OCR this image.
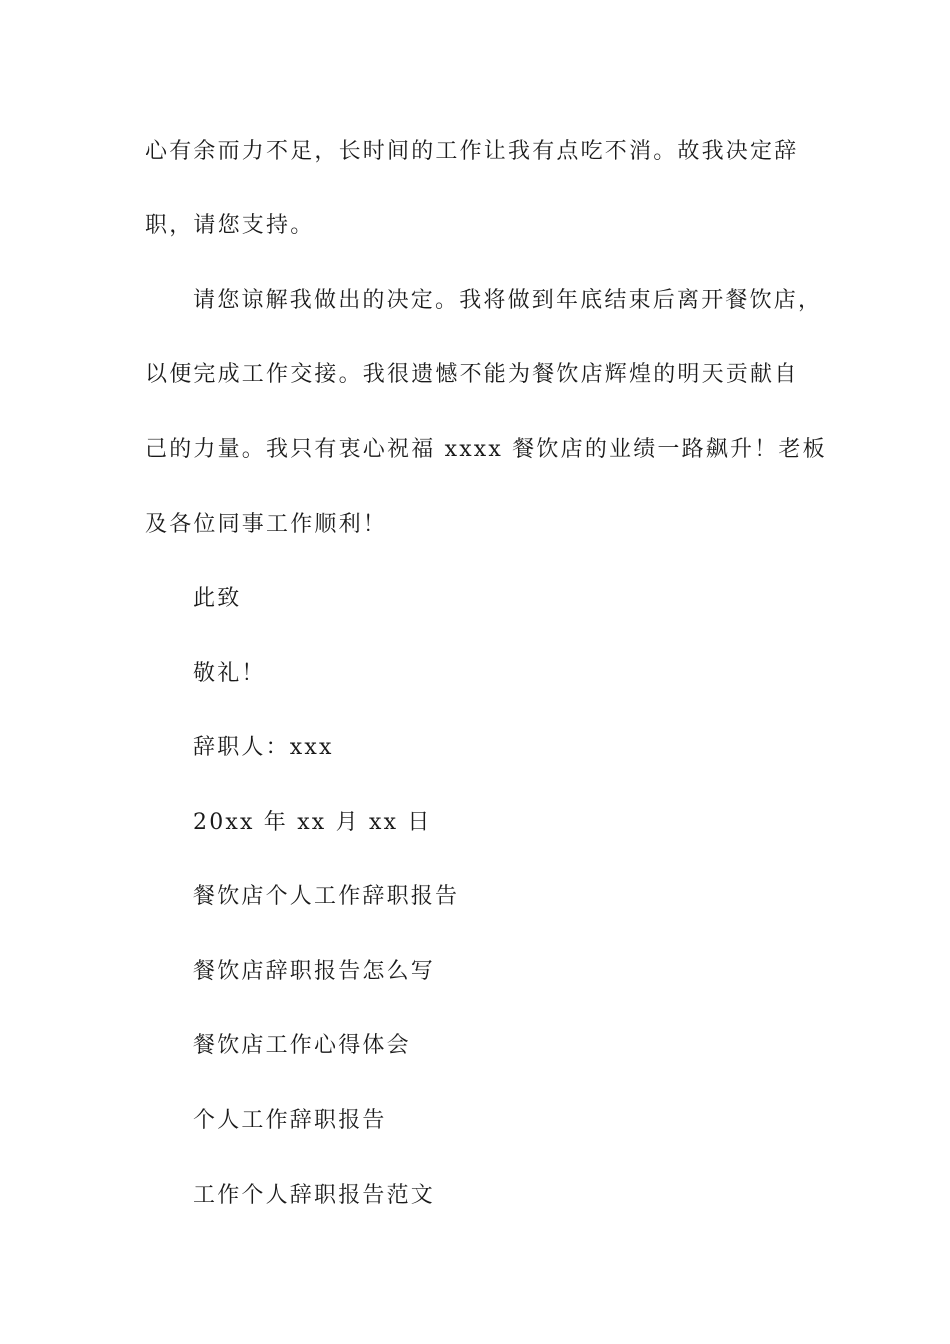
心有余而力不足，长时间的工作让我有点吃不消。故我决定辞
职，请您支持。
请您谅解我做出的决定。我将做到年底结束后离开餐饮店，
以便完成工作交接。我很遗憾不能为餐饮店辉煌的明天贡献自
己的力量。我只有衷心祝福 xxxx 餐饮店的业绩一路飙升！老板
及各位同事工作顺利！
此致
敬礼！
辞职人：xxx
20xx 年 xx 月 xx 日
餐饮店个人工作辞职报告
餐饮店辞职报告怎么写
餐饮店工作心得体会
个人工作辞职报告
工作个人辞职报告范文
